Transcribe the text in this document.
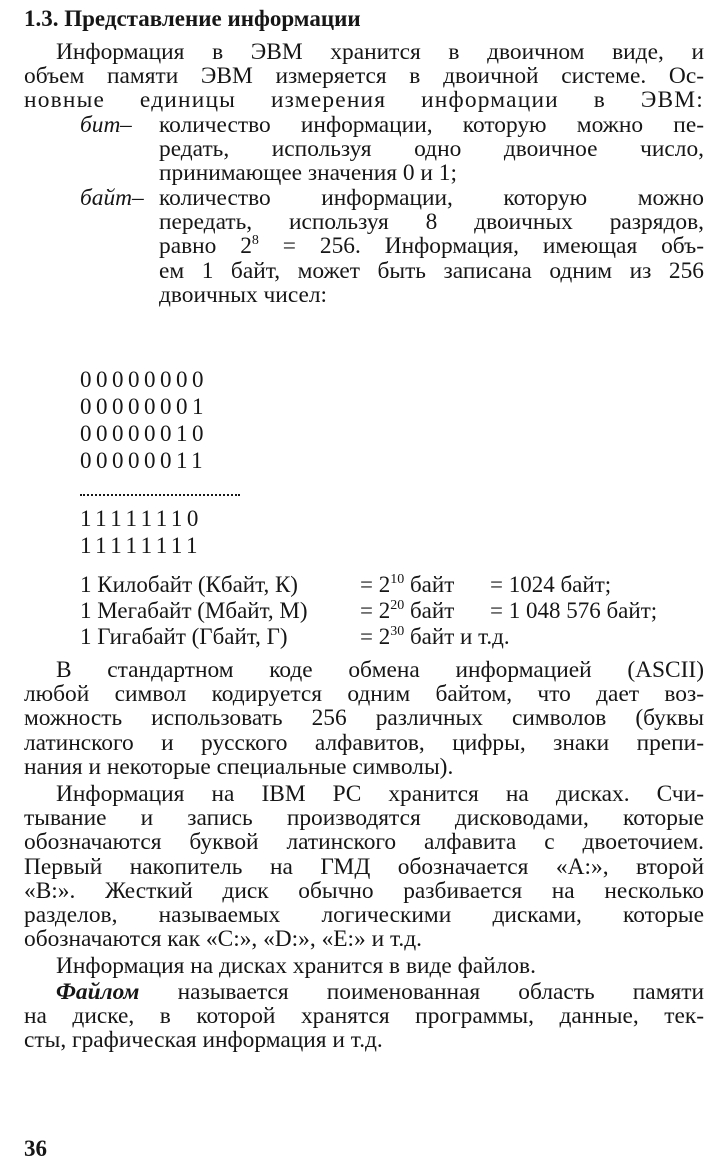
1.3. Представление информации
Информация в ЭВМ хранится в двоичном виде, и
объем памяти ЭВМ измеряется в двоичной системе. Ос-
новные единицы измерения информации в ЭВМ:
бит – количество информации, которую можно пе-
редать, используя одно двоичное число,
принимающее значения 0 и 1;
байт – количество информации, которую можно
передать, используя 8 двоичных разрядов,
равно $2^8 = 256$. Информация, имеющая объ-
ем 1 байт, может быть записана одним из 256
двоичных чисел:
00000000
00000001
00000010
00000011
11111110
11111111
1 Килобайт (Кбайт, К)	= $2^{10}$ байт = 1024 байт;
1 Мегабайт (Мбайт, $М) = 2^{20}$ байт = 1 048 576 байт;
1 Гигабайт (Гбайт, Г)	= $2^{30}$ байт и т.д.
В стандартном коде обмена информацией (ASCII)
любой символ кодируется одним байтом, что дает воз-
можность использовать 256 различных символов (буквы
латинского и русского алфавитов, цифры, знаки препи-
нания и некоторые специальные символы).
Информация на IBM PC хранится на дисках. Счи-
тывание и запись производятся дисководами, которые
обозначаются буквой латинского алфавита с двоеточием.
Первый накопитель на ГМД обозначается «A:», второй
«B:». Жесткий диск обычно разбивается на несколько
разделов, называемых логическими дисками, которые
обозначаются как «C:», «D:», «E:» и т.д.
Информация на дисках хранится в виде файлов.
Файлом называется поименованная область памяти
на диске, в которой хранятся программы, данные, тек-
сты, графическая информация и т.д.
36
